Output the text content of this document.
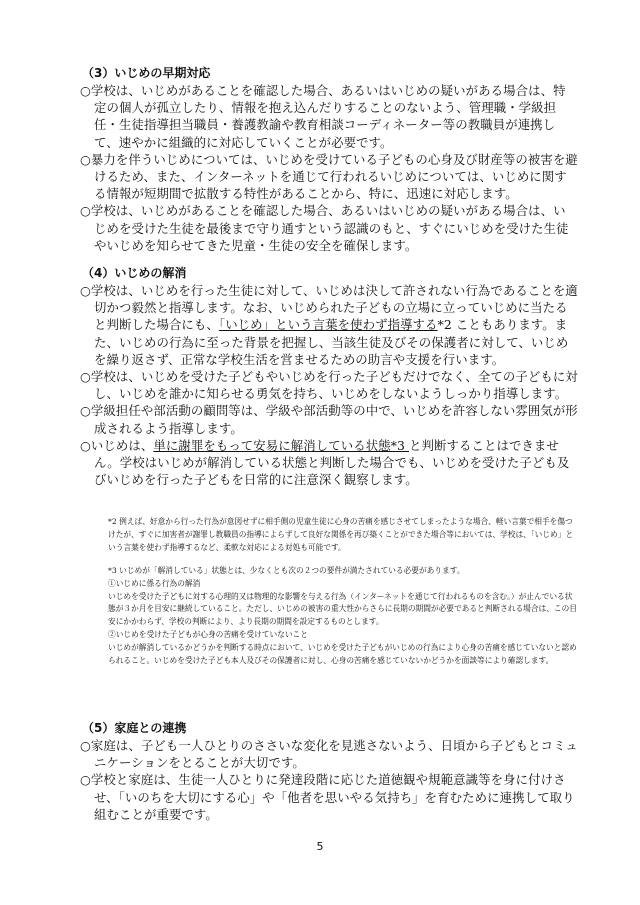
（3）いじめの早期対応

○学校は、いじめがあることを確認した場合、あるいはいじめの疑いがある場合は、特定の個人が孤立したり、情報を抱え込んだりすることのないよう、管理職・学級担任・生徒指導担当職員・養護教諭や教育相談コーディネーター等の教職員が連携して、速やかに組織的に対応していくことが必要です。

○暴力を伴ういじめについては、いじめを受けている子どもの心身及び財産等の被害を避けるため、また、インターネットを通じて行われるいじめについては、いじめに関する情報が短期間で拡散する特性があることから、特に、迅速に対応します。

○学校は、いじめがあることを確認した場合、あるいはいじめの疑いがある場合は、いじめを受けた生徒を最後まで守り通すという認識のもと、すぐにいじめを受けた生徒やいじめを知らせてきた児童・生徒の安全を確保します。

（4）いじめの解消

○学校は、いじめを行った生徒に対して、いじめは決して許されない行為であることを適切かつ毅然と指導します。なお、いじめられた子どもの立場に立っていじめに当たると判断した場合にも、「いじめ」という言葉を使わず指導する*2 こともあります。また、いじめの行為に至った背景を把握し、当該生徒及びその保護者に対して、いじめを繰り返さず、正常な学校生活を営ませるための助言や支援を行います。

○学校は、いじめを受けた子どもやいじめを行った子どもだけでなく、全ての子どもに対し、いじめを誰かに知らせる勇気を持ち、いじめをしないようしっかり指導します。

○学級担任や部活動の顧問等は、学級や部活動等の中で、いじめを許容しない雰囲気が形成されるよう指導します。

○いじめは、単に謝罪をもって安易に解消している状態*3 と判断することはできません。学校はいじめが解消している状態と判断した場合でも、いじめを受けた子ども及びいじめを行った子どもを日常的に注意深く観察します。

*2 例えば、好意から行った行為が意図せずに相手側の児童生徒に心身の苦痛を感じさせてしまったような場合、軽い言葉で相手を傷つけたが、すぐに加害者が謝罪し教職員の指導によらずして良好な関係を再び築くことができた場合等においては、学校は、「いじめ」という言葉を使わず指導するなど、柔軟な対応による対処も可能です。

*3 いじめが「解消している」状態とは、少なくとも次の２つの要件が満たされている必要があります。

①いじめに係る行為の解消

いじめを受けた子どもに対する心理的又は物理的な影響を与える行為（インターネットを通じて行われるものを含む。）が止んでいる状態が３か月を目安に継続していること。ただし、いじめの被害の重大性からさらに長期の期間が必要であると判断される場合は、この目安にかかわらず、学校の判断により、より長期の期間を設定するものとします。

②いじめを受けた子どもが心身の苦痛を受けていないこと

いじめが解消しているかどうかを判断する時点において、いじめを受けた子どもがいじめの行為により心身の苦痛を感じていないと認められること。いじめを受けた子ども本人及びその保護者に対し、心身の苦痛を感じていないかどうかを面談等により確認します。

（5）家庭との連携

○家庭は、子ども一人ひとりのささいな変化を見逃さないよう、日頃から子どもとコミュニケーションをとることが大切です。

○学校と家庭は、生徒一人ひとりに発達段階に応じた道徳観や規範意識等を身に付けさせ、「いのちを大切にする心」や「他者を思いやる気持ち」を育むために連携して取り組むことが重要です。

5
